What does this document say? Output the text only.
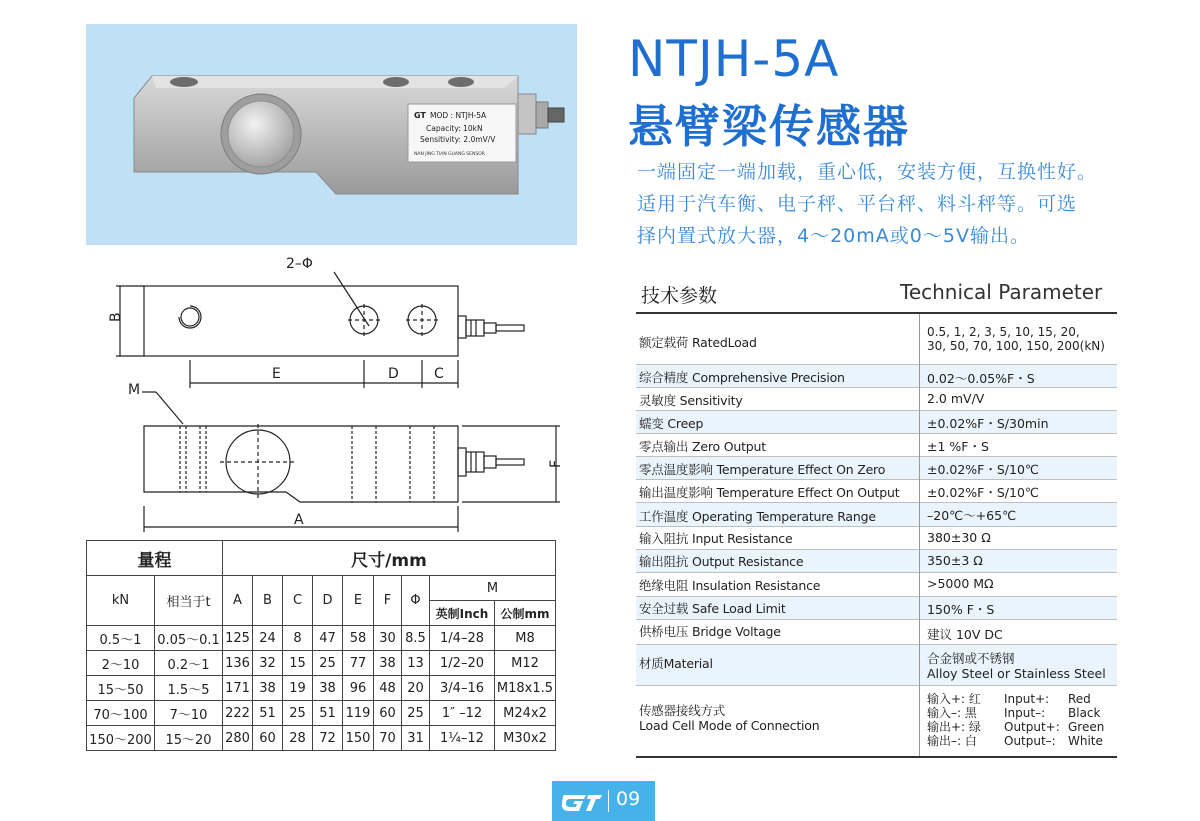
GT MOD : NTJH-5A
Capacity: 10kN
Sensitivity: 2.0mV/V
NAN JING TIAN GUANG SENSOR
NTJH-5A
悬臂梁传感器
一端固定一端加载，重心低，安装方便，互换性好。
适用于汽车衡、电子秤、平台秤、料斗秤等。可选
择内置式放大器，4～20mA或0～5V输出。
2–Φ
B
E	D	C
M
F
A
量程		尺寸/mm								
kN	相当于t	A	B	C	D	E	F	Φ	M	
									英制Inch	公制mm
0.5～1	0.05～0.1	125	24	8	47	58	30	8.5	1/4–28	M8
2～10	0.2～1	136	32	15	25	77	38	13	1/2–20	M12
15～50	1.5～5	171	38	19	38	96	48	20	3/4–16	M18x1.5
70～100	7～10	222	51	25	51	119	60	25	1″ –12	M24x2
150～200	15～20	280	60	28	72	150	70	31	1¼–12	M30x2
技术参数	Technical Parameter
额定载荷 RatedLoad
0.5, 1, 2, 3, 5, 10, 15, 20,
30, 50, 70, 100, 150, 200(kN)
综合精度 Comprehensive Precision	0.02～0.05%F・S
灵敏度 Sensitivity	2.0 mV/V
蠕变 Creep	±0.02%F・S/30min
零点输出 Zero Output	±1 %F・S
零点温度影响 Temperature Effect On Zero	±0.02%F・S/10℃
输出温度影响 Temperature Effect On Output ±0.02%F・S/10℃
工作温度 Operating Temperature Range	–20℃～+65℃
输入阻抗 Input Resistance	380±30 Ω
输出阻抗 Output Resistance	350±3 Ω
绝缘电阻 Insulation Resistance	>5000 MΩ
安全过载 Safe Load Limit	150% F・S
供桥电压 Bridge Voltage	建议 10V DC
材质Material	合金钢或不锈钢
Alloy Steel or Stainless Steel
传感器接线方式
Load Cell Mode of Connection
输入+: 红 Input+: Red
输入–: 黑 Input–: Black
输出+: 绿 Output+: Green
输出–: 白 Output–: White
09
